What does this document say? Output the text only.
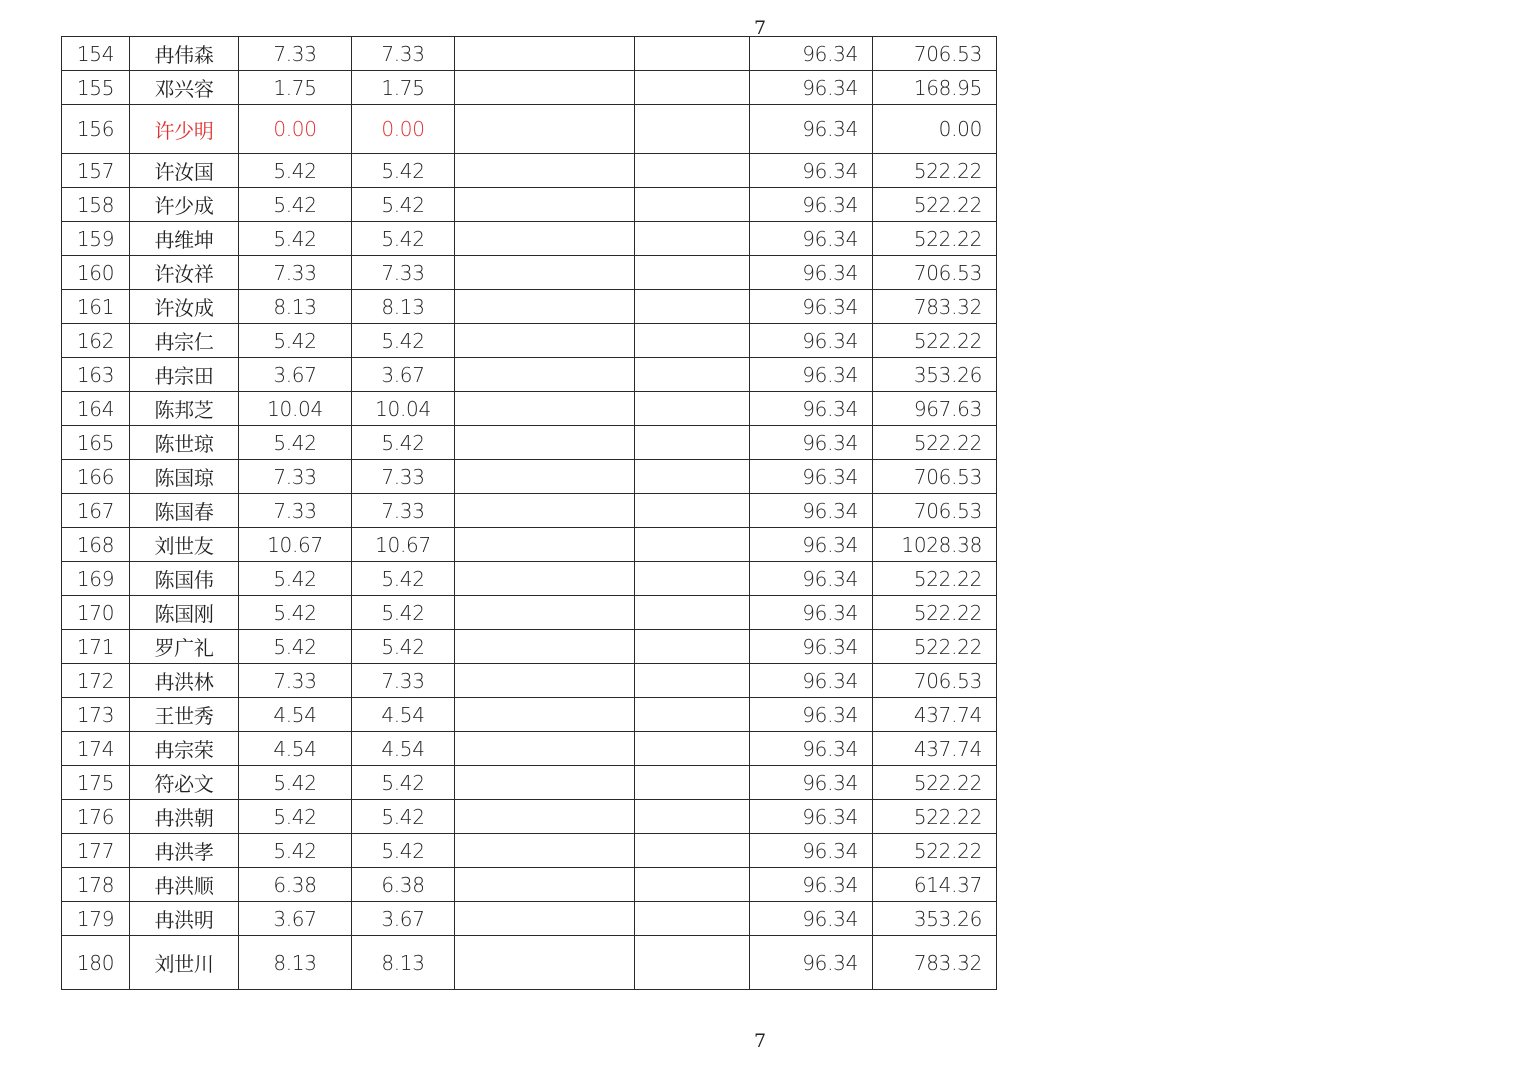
7
154	冉伟森	7.33	7.33			96.34	706.53
155	邓兴容	1.75	1.75			96.34	168.95
156	许少明	0.00	0.00			96.34	0.00
157	许汝国	5.42	5.42			96.34	522.22
158	许少成	5.42	5.42			96.34	522.22
159	冉维坤	5.42	5.42			96.34	522.22
160	许汝祥	7.33	7.33			96.34	706.53
161	许汝成	8.13	8.13			96.34	783.32
162	冉宗仁	5.42	5.42			96.34	522.22
163	冉宗田	3.67	3.67			96.34	353.26
164	陈邦芝	10.04	10.04			96.34	967.63
165	陈世琼	5.42	5.42			96.34	522.22
166	陈国琼	7.33	7.33			96.34	706.53
167	陈国春	7.33	7.33			96.34	706.53
168	刘世友	10.67	10.67			96.34	1028.38
169	陈国伟	5.42	5.42			96.34	522.22
170	陈国刚	5.42	5.42			96.34	522.22
171	罗广礼	5.42	5.42			96.34	522.22
172	冉洪林	7.33	7.33			96.34	706.53
173	王世秀	4.54	4.54			96.34	437.74
174	冉宗荣	4.54	4.54			96.34	437.74
175	符必文	5.42	5.42			96.34	522.22
176	冉洪朝	5.42	5.42			96.34	522.22
177	冉洪孝	5.42	5.42			96.34	522.22
178	冉洪顺	6.38	6.38			96.34	614.37
179	冉洪明	3.67	3.67			96.34	353.26
180	刘世川	8.13	8.13			96.34	783.32
7
